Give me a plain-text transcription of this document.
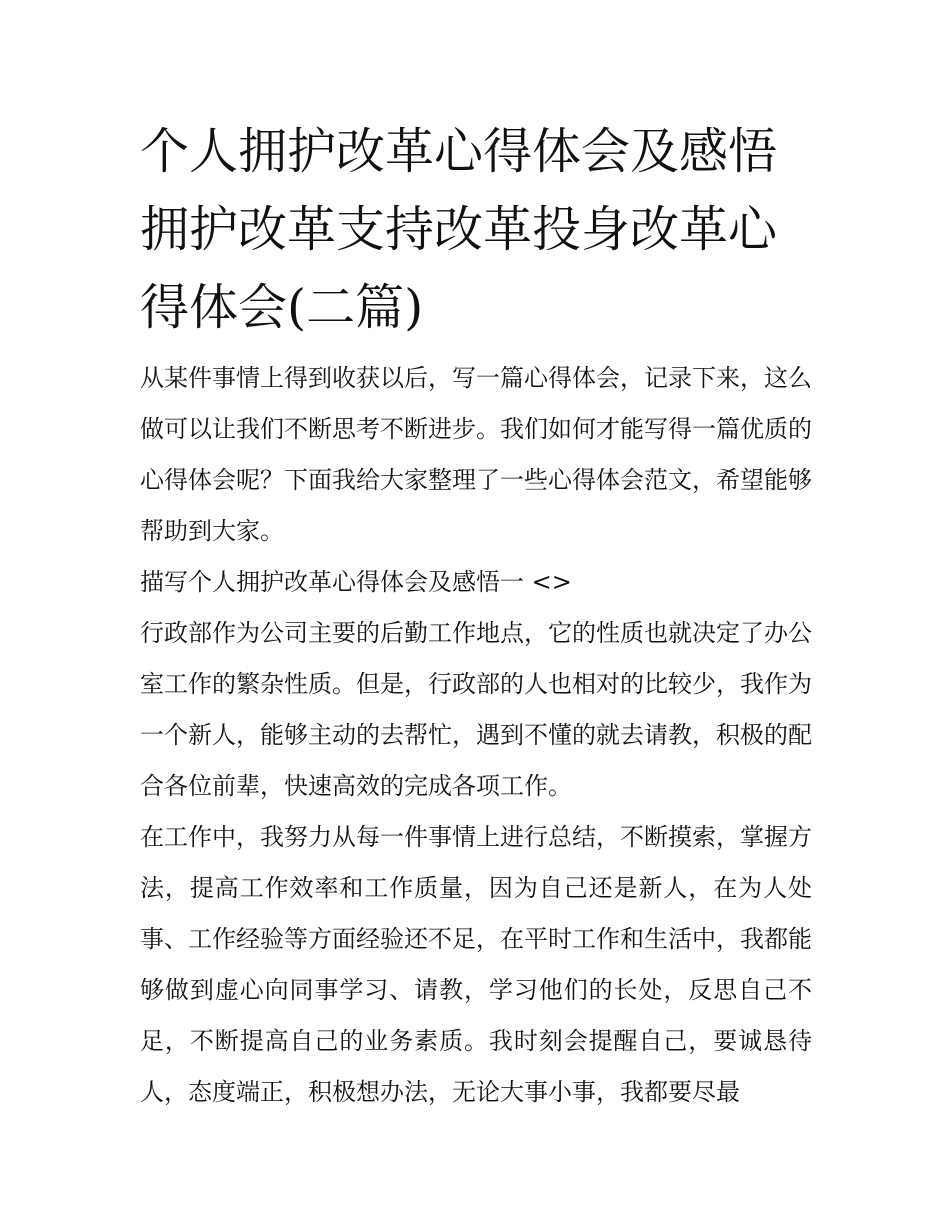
个人拥护改革心得体会及感悟拥护改革支持改革投身改革心得体会(二篇)

从某件事情上得到收获以后，写一篇心得体会，记录下来，这么做可以让我们不断思考不断进步。我们如何才能写得一篇优质的心得体会呢？下面我给大家整理了一些心得体会范文，希望能够帮助到大家。

描写个人拥护改革心得体会及感悟一 <>

行政部作为公司主要的后勤工作地点，它的性质也就决定了办公室工作的繁杂性质。但是，行政部的人也相对的比较少，我作为一个新人，能够主动的去帮忙，遇到不懂的就去请教，积极的配合各位前辈，快速高效的完成各项工作。

在工作中，我努力从每一件事情上进行总结，不断摸索，掌握方法，提高工作效率和工作质量，因为自己还是新人，在为人处事、工作经验等方面经验还不足，在平时工作和生活中，我都能够做到虚心向同事学习、请教，学习他们的长处，反思自己不足，不断提高自己的业务素质。我时刻会提醒自己，要诚恳待人，态度端正，积极想办法，无论大事小事，我都要尽最
